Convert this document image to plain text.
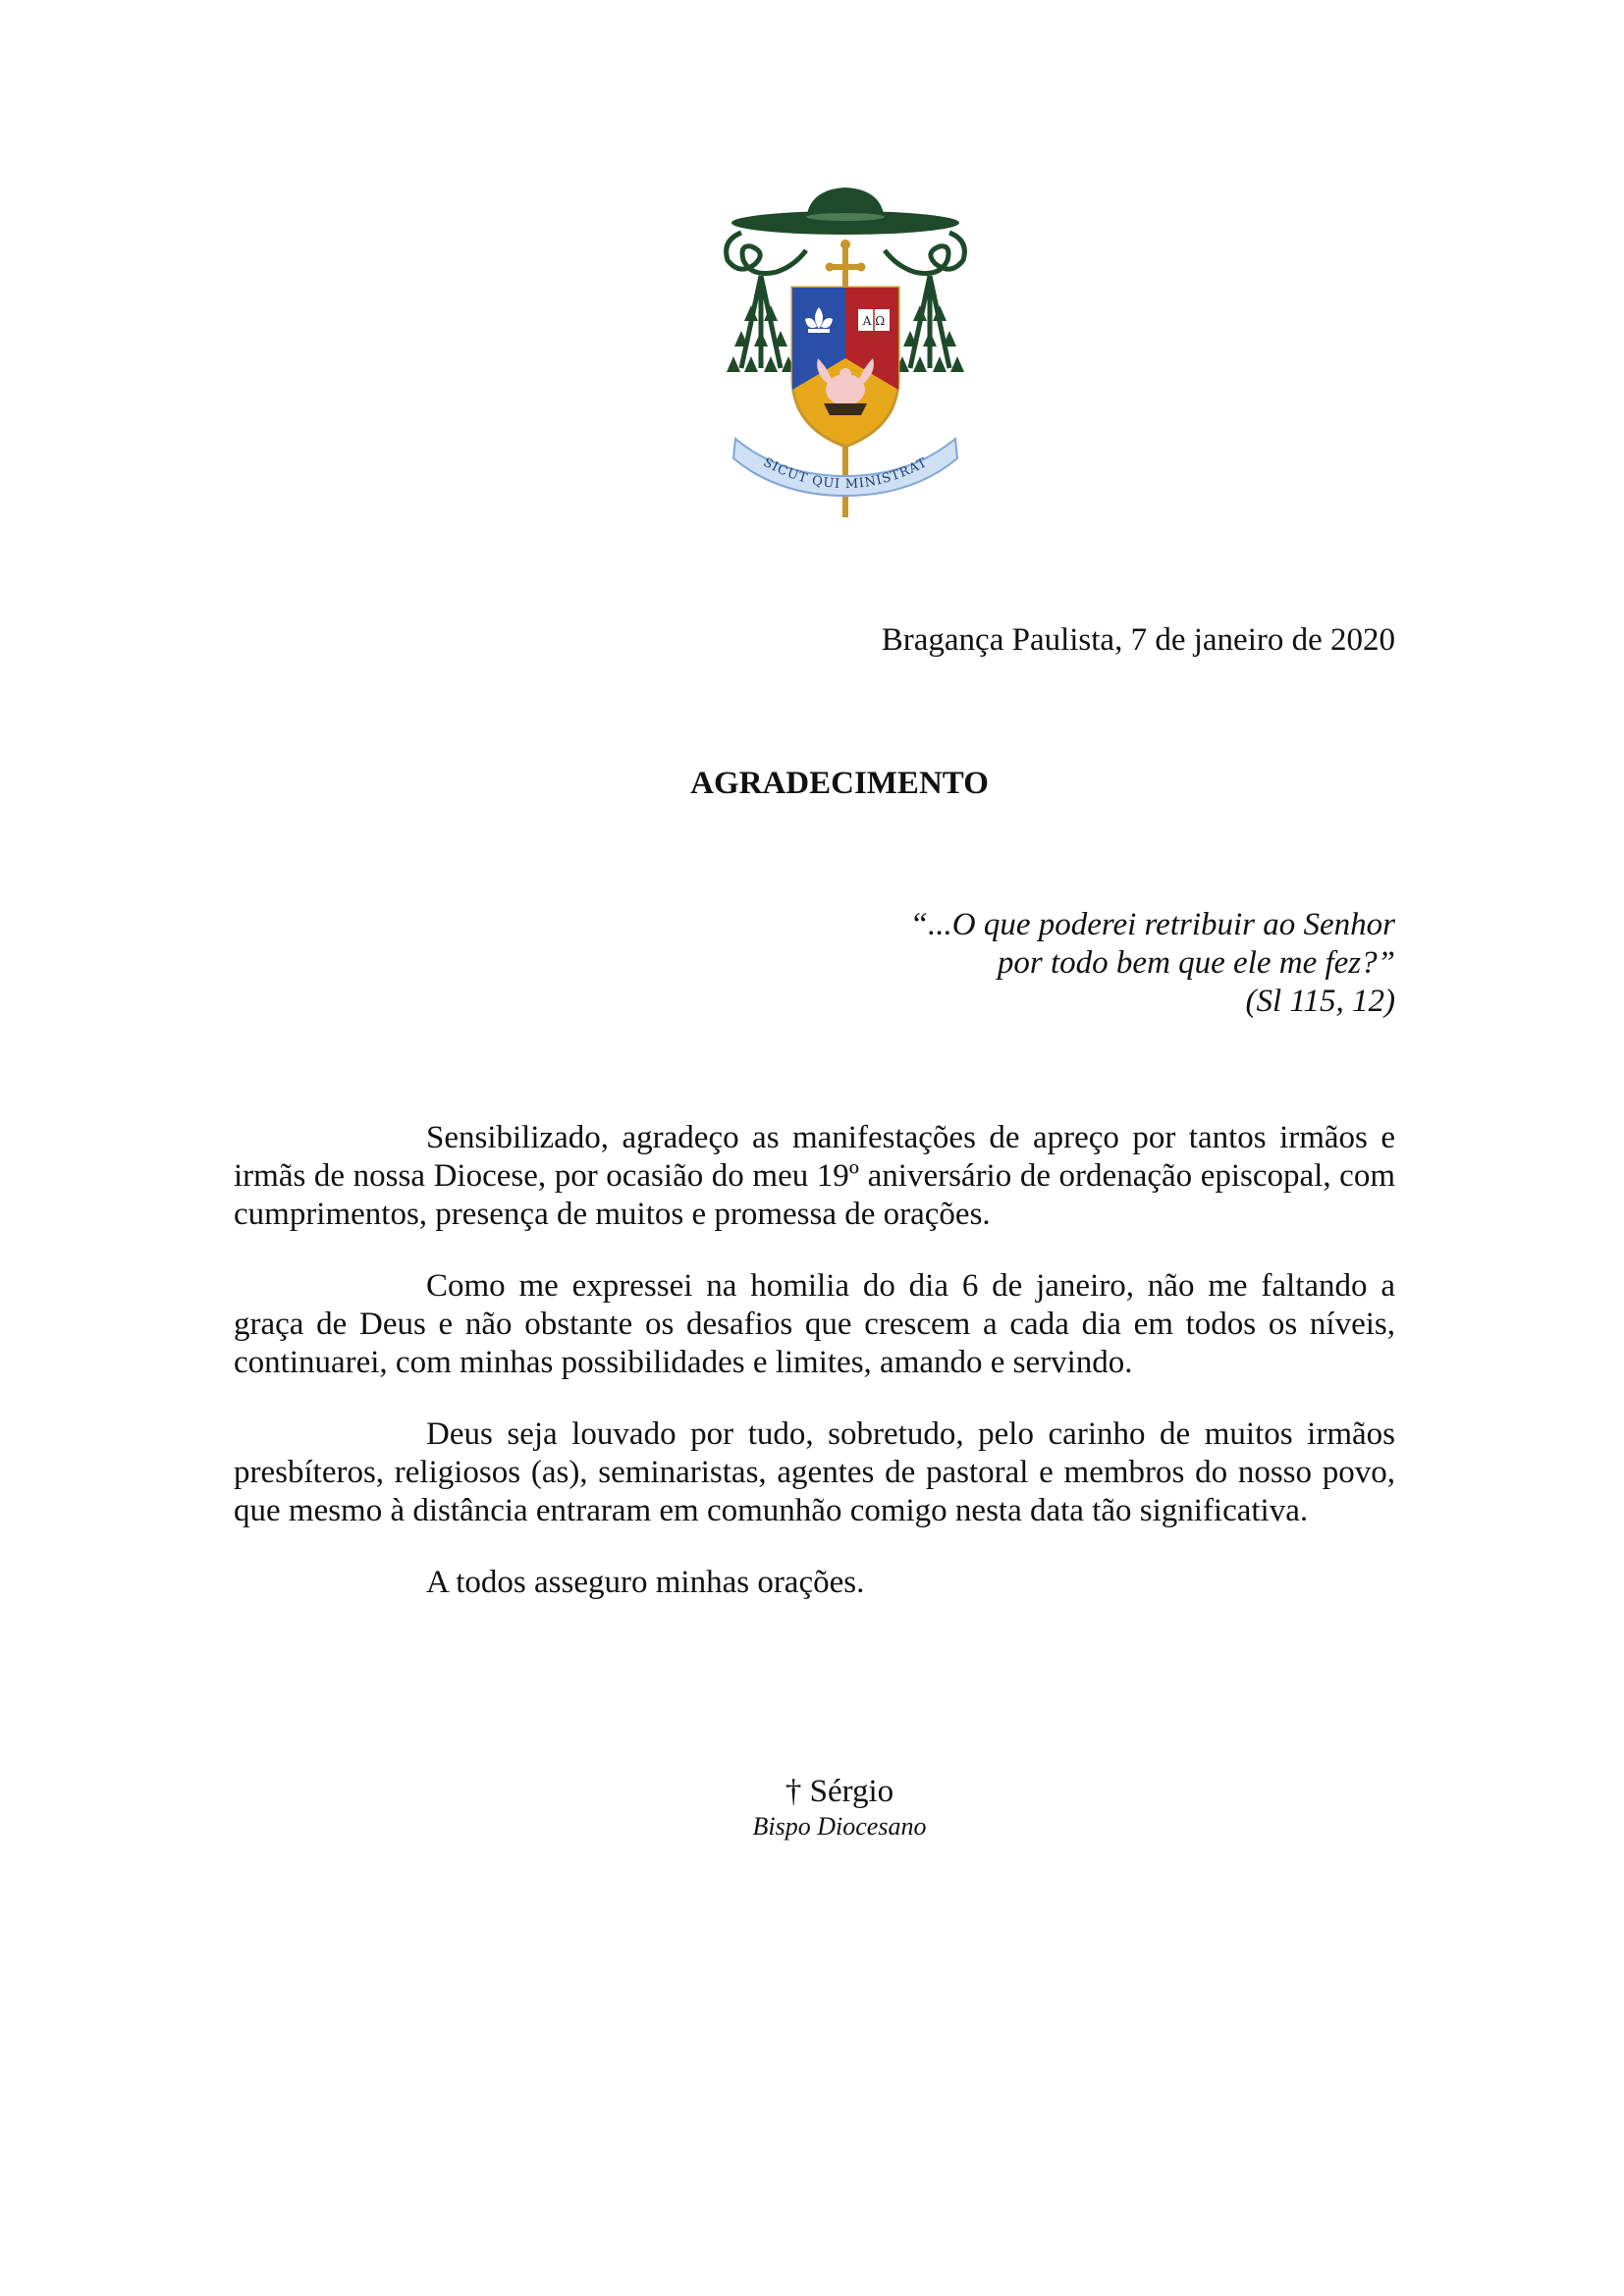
A Ω
SICUT QUI MINISTRAT
Bragança Paulista, 7 de janeiro de 2020
AGRADECIMENTO
“...O que poderei retribuir ao Senhor
por todo bem que ele me fez?”
(Sl 115, 12)

Sensibilizado, agradeço as manifestações de apreço por tantos irmãos e irmãs de nossa Diocese, por ocasião do meu 19º aniversário de ordenação episcopal, com cumprimentos, presença de muitos e promessa de orações.

Como me expressei na homilia do dia 6 de janeiro, não me faltando a graça de Deus e não obstante os desafios que crescem a cada dia em todos os níveis, continuarei, com minhas possibilidades e limites, amando e servindo.

Deus seja louvado por tudo, sobretudo, pelo carinho de muitos irmãos presbíteros, religiosos (as), seminaristas, agentes de pastoral e membros do nosso povo, que mesmo à distância entraram em comunhão comigo nesta data tão significativa.

A todos asseguro minhas orações.

† Sérgio
Bispo Diocesano
